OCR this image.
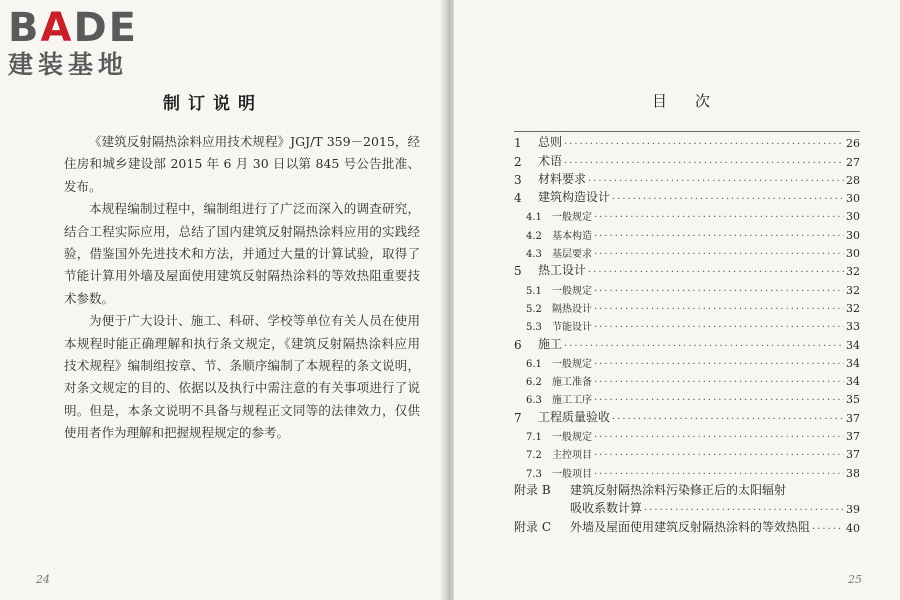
BADE
建装基地
制订说明

《建筑反射隔热涂料应用技术规程》JGJ/T 359－2015，经住房和城乡建设部 2015 年 6 月 30 日以第 845 号公告批准、发布。

本规程编制过程中，编制组进行了广泛而深入的调查研究，结合工程实际应用，总结了国内建筑反射隔热涂料应用的实践经验，借鉴国外先进技术和方法，并通过大量的计算试验，取得了节能计算用外墙及屋面使用建筑反射隔热涂料的等效热阻重要技术参数。

为便于广大设计、施工、科研、学校等单位有关人员在使用本规程时能正确理解和执行条文规定，《建筑反射隔热涂料应用技术规程》编制组按章、节、条顺序编制了本规程的条文说明，对条文规定的目的、依据以及执行中需注意的有关事项进行了说明。但是，本条文说明不具备与规程正文同等的法律效力，仅供使用者作为理解和把握规程规定的参考。

24
目次
1	总则 ·····	26
2	术语 ·····	27
3	材料要求 ·····	28
4	建筑构造设计 ·····	30
4.1	一般规定 ·····	30
4.2	基本构造 ·····	30
4.3	基层要求 ·····	30
5	热工设计 ·····	32
5.1	一般规定 ·····	32
5.2	隔热设计 ·····	32
5.3	节能设计 ·····	33
6	施工 ·····	34
6.1	一般规定 ·····	34
6.2	施工准备 ·····	34
6.3	施工工序 ·····	35
7	工程质量验收 ·····	37
7.1	一般规定 ·····	37
7.2	主控项目 ·····	37
7.3	一般项目 ·····	38
附录 B	建筑反射隔热涂料污染修正后的太阳辐射
吸收系数计算 ·····	39
附录 C	外墙及屋面使用建筑反射隔热涂料的等效热阻 ·····	40
25
